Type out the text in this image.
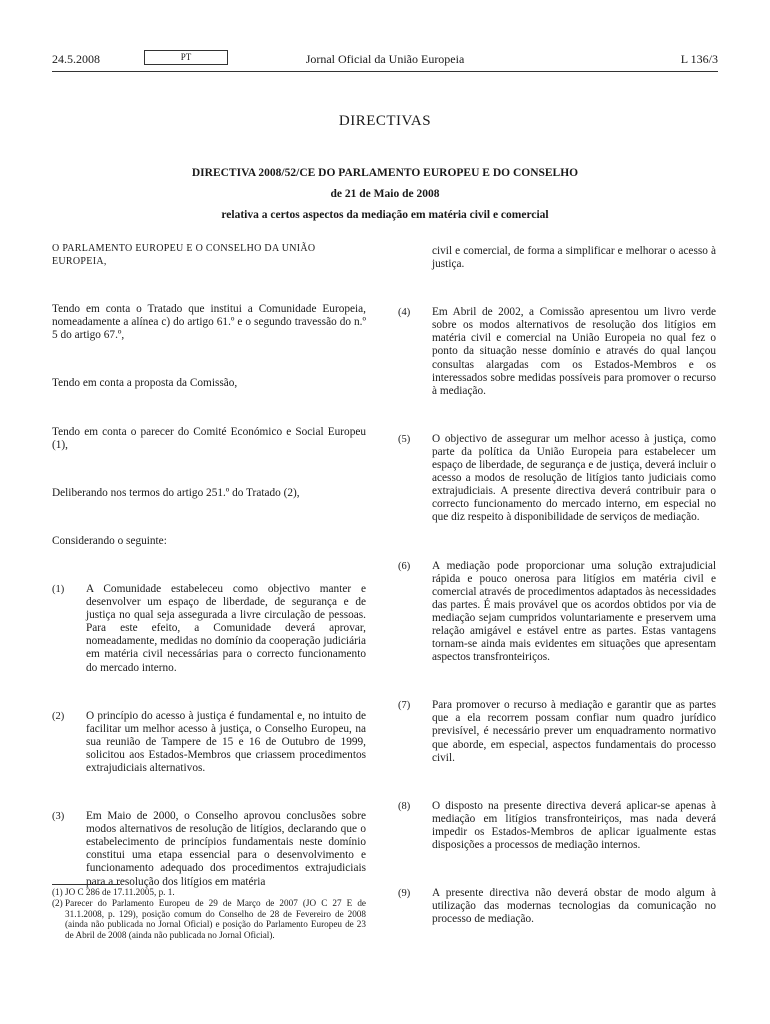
24.5.2008	PT	Jornal Oficial da União Europeia	L 136/3
DIRECTIVAS
DIRECTIVA 2008/52/CE DO PARLAMENTO EUROPEU E DO CONSELHO
de 21 de Maio de 2008
relativa a certos aspectos da mediação em matéria civil e comercial

O PARLAMENTO EUROPEU E O CONSELHO DA UNIÃO EUROPEIA,

Tendo em conta o Tratado que institui a Comunidade Europeia, nomeadamente a alínea c) do artigo 61.º e o segundo travessão do n.º 5 do artigo 67.º,

Tendo em conta a proposta da Comissão,

Tendo em conta o parecer do Comité Económico e Social Europeu (1),

Deliberando nos termos do artigo 251.º do Tratado (2),

Considerando o seguinte:

(1)	A Comunidade estabeleceu como objectivo manter e desenvolver um espaço de liberdade, de segurança e de justiça no qual seja assegurada a livre circulação de pessoas. Para este efeito, a Comunidade deverá aprovar, nomeadamente, medidas no domínio da cooperação judiciária em matéria civil necessárias para o correcto funcionamento do mercado interno.
(2)	O princípio do acesso à justiça é fundamental e, no intuito de facilitar um melhor acesso à justiça, o Conselho Europeu, na sua reunião de Tampere de 15 e 16 de Outubro de 1999, solicitou aos Estados-Membros que criassem procedimentos extrajudiciais alternativos.
(3)	Em Maio de 2000, o Conselho aprovou conclusões sobre modos alternativos de resolução de litígios, declarando que o estabelecimento de princípios fundamentais neste domínio constitui uma etapa essencial para o desenvolvimento e funcionamento adequado dos procedimentos extrajudiciais para a resolução dos litígios em matéria
civil e comercial, de forma a simplificar e melhorar o acesso à justiça.
(4)	Em Abril de 2002, a Comissão apresentou um livro verde sobre os modos alternativos de resolução dos litígios em matéria civil e comercial na União Europeia no qual fez o ponto da situação nesse domínio e através do qual lançou consultas alargadas com os Estados-Membros e os interessados sobre medidas possíveis para promover o recurso à mediação.
(5)	O objectivo de assegurar um melhor acesso à justiça, como parte da política da União Europeia para estabelecer um espaço de liberdade, de segurança e de justiça, deverá incluir o acesso a modos de resolução de litígios tanto judiciais como extrajudiciais. A presente directiva deverá contribuir para o correcto funcionamento do mercado interno, em especial no que diz respeito à disponibilidade de serviços de mediação.
(6)	A mediação pode proporcionar uma solução extrajudicial rápida e pouco onerosa para litígios em matéria civil e comercial através de procedimentos adaptados às necessidades das partes. É mais provável que os acordos obtidos por via de mediação sejam cumpridos voluntariamente e preservem uma relação amigável e estável entre as partes. Estas vantagens tornam-se ainda mais evidentes em situações que apresentam aspectos transfronteiriços.
(7)	Para promover o recurso à mediação e garantir que as partes que a ela recorrem possam confiar num quadro jurídico previsível, é necessário prever um enquadramento normativo que aborde, em especial, aspectos fundamentais do processo civil.
(8)	O disposto na presente directiva deverá aplicar-se apenas à mediação em litígios transfronteiriços, mas nada deverá impedir os Estados-Membros de aplicar igualmente estas disposições a processos de mediação internos.
(9)	A presente directiva não deverá obstar de modo algum à utilização das modernas tecnologias da comunicação no processo de mediação.
(1) JO C 286 de 17.11.2005, p. 1.
(2) Parecer do Parlamento Europeu de 29 de Março de 2007 (JO C 27 E de 31.1.2008, p. 129), posição comum do Conselho de 28 de Fevereiro de 2008 (ainda não publicada no Jornal Oficial) e posição do Parlamento Europeu de 23 de Abril de 2008 (ainda não publicada no Jornal Oficial).
